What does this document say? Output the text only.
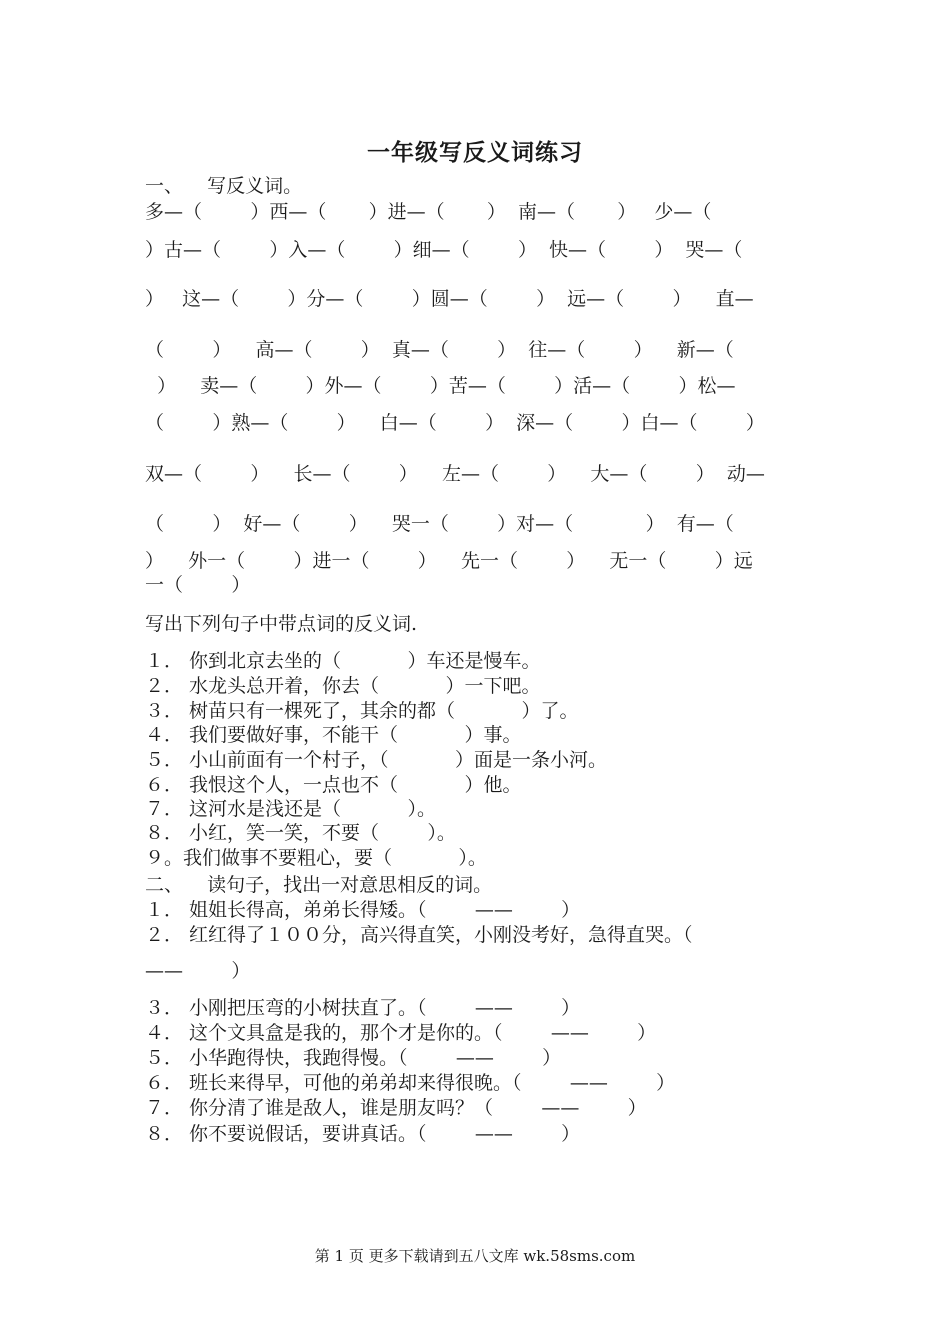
一年级写反义词练习
一、    写反义词。
多—（        ）西—（       ）进—（       ）  南—（       ）   少—（
）古—（        ）入—（        ）细—（        ）  快—（        ）  哭—（
）   这—（        ）分—（        ）圆—（        ）  远—（        ）    直—
（        ）    高—（        ）  真—（        ）  往—（        ）    新—（
）    卖—（        ）外—（        ）苦—（        ）活—（        ）松—
（        ）熟—（        ）    白—（        ）  深—（        ）白—（        ）
双—（        ）    长—（        ）    左—（        ）    大—（        ）  动—
（        ）  好—（        ）    哭一（        ）对—（            ）  有—（
）    外一（        ）进一（        ）    先一（        ）    无一（        ）远
一（        ）
写出下列句子中带点词的反义词.
１． 你到北京去坐的（           ）车还是慢车。
２． 水龙头总开着，你去（           ）一下吧。
３． 树苗只有一棵死了，其余的都（           ）了。
４． 我们要做好事，不能干（           ）事。
５． 小山前面有一个村子，（           ）面是一条小河。
６． 我恨这个人，一点也不（           ）他。
７． 这河水是浅还是（           ）。
８． 小红，笑一笑，不要（        ）。
９。我们做事不要粗心，要（           ）。
二、    读句子，找出一对意思相反的词。
１． 姐姐长得高，弟弟长得矮。（        ——        ）
２． 红红得了１００分，高兴得直笑，小刚没考好，急得直哭。（
——        ）
３． 小刚把压弯的小树扶直了。（        ——        ）
４． 这个文具盒是我的，那个才是你的。（        ——        ）
５． 小华跑得快，我跑得慢。（        ——        ）
６． 班长来得早，可他的弟弟却来得很晚。（        ——        ）
７． 你分清了谁是敌人，谁是朋友吗？（        ——        ）
８． 你不要说假话，要讲真话。（        ——        ）
第 1 页 更多下载请到五八文库 wk.58sms.com
